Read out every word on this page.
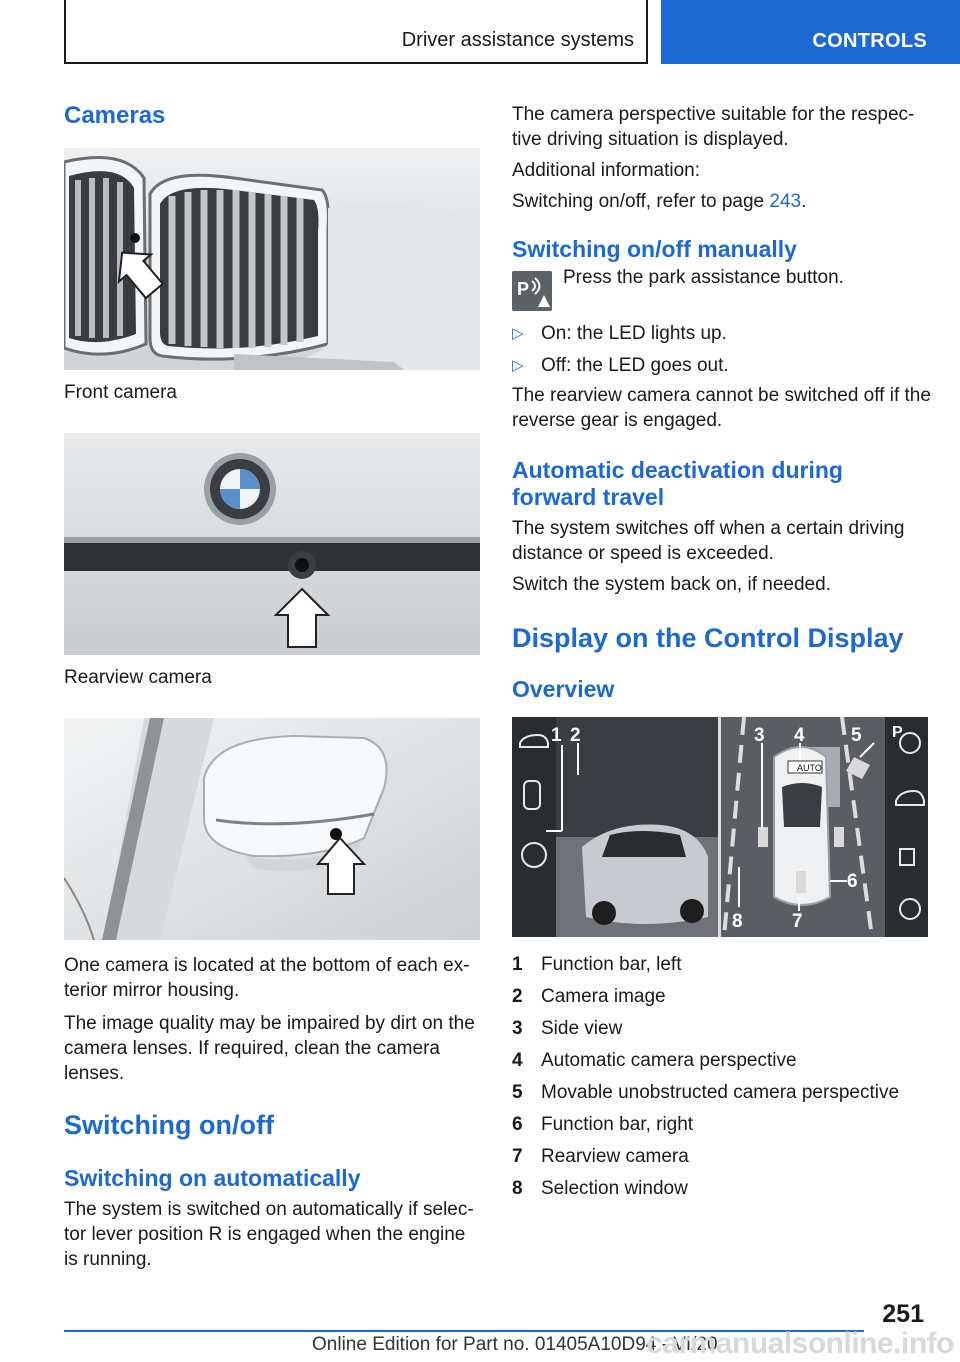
Driver assistance systems	CONTROLS
Cameras
Front camera
Rearview camera

One camera is located at the bottom of each ex-terior mirror housing.

The image quality may be impaired by dirt on the camera lenses. If required, clean the camera lenses.

Switching on/off
Switching on automatically

The system is switched on automatically if selec-tor lever position R is engaged when the engine is running.

The camera perspective suitable for the respec-tive driving situation is displayed.

Additional information:

Switching on/off, refer to page 243.

Switching on/off manually
P
Press the park assistance button.
▷ On: the LED lights up.
▷ Off: the LED goes out.

The rearview camera cannot be switched off if the reverse gear is engaged.

Automatic deactivation during
forward travel

The system switches off when a certain driving distance or speed is exceeded.

Switch the system back on, if needed.

Display on the Control Display
Overview
AUTO
P
1 2	3 4 5
6
7
8
1 Function bar, left
2 Camera image
3 Side view
4 Automatic camera perspective
5 Movable unobstructed camera perspective
6 Function bar, right
7 Rearview camera
8 Selection window
251
Online Edition for Part no. 01405A10D94 - VI/20
carmanualsonline.info
